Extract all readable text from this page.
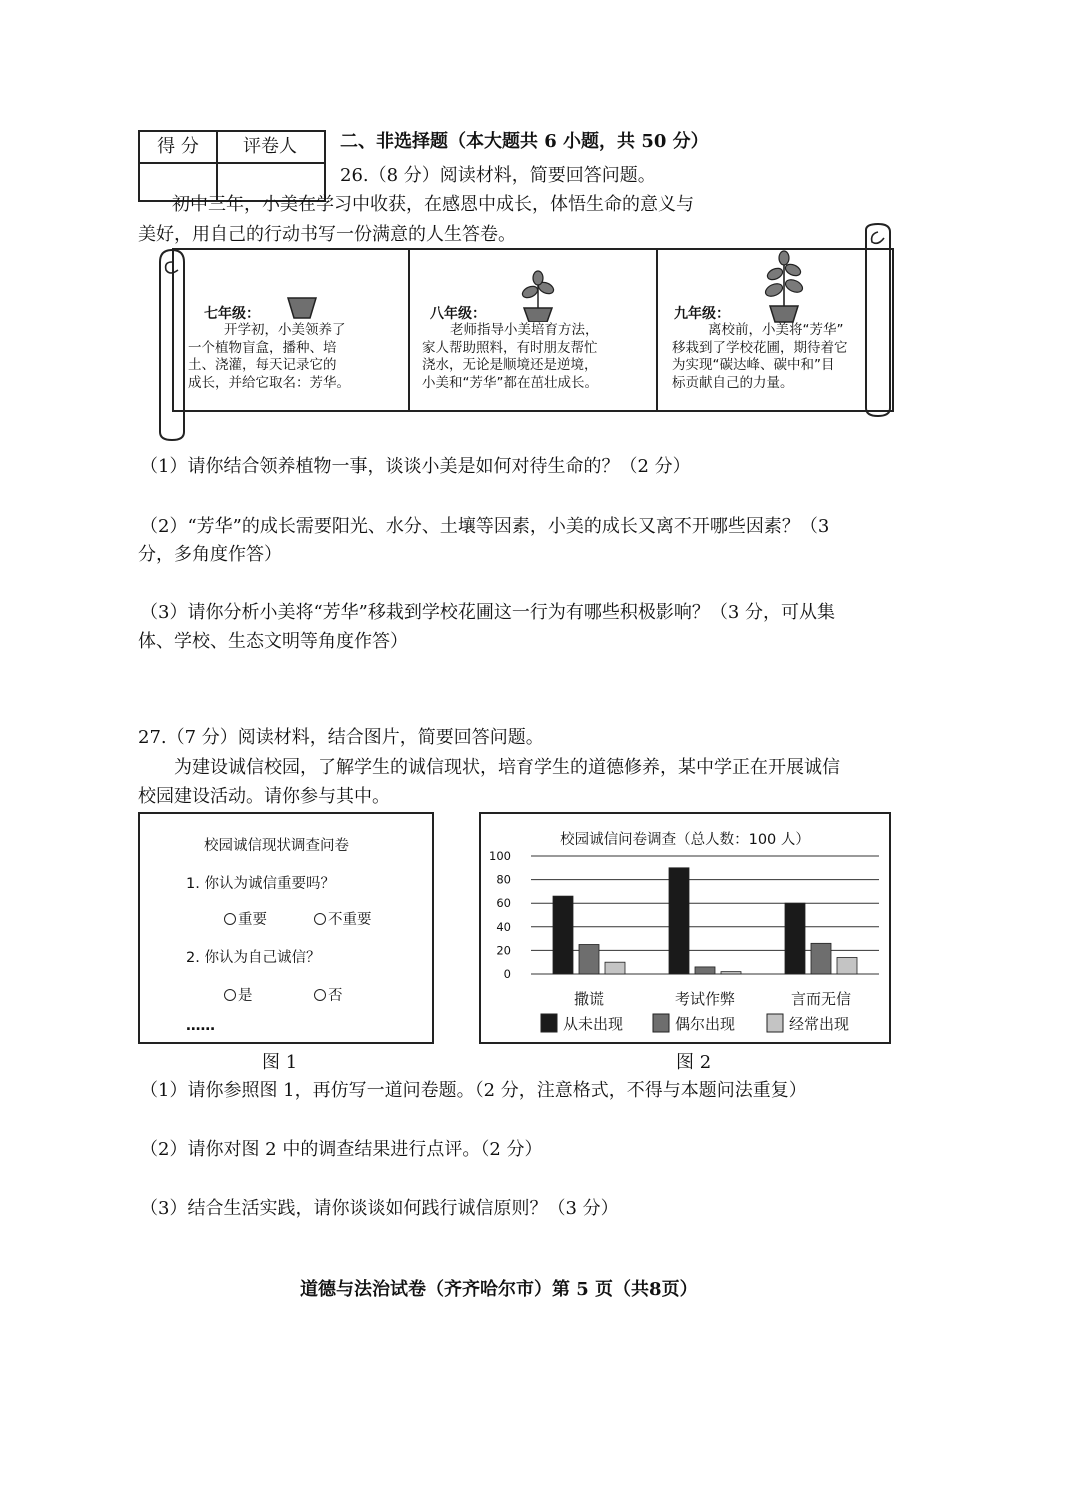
得 分	评卷人	二、非选择题（本大题共 6 小题，共 50 分）
26.（8 分）阅读材料，简要回答问题。
初中三年，小美在学习中收获，在感恩中成长，体悟生命的意义与
美好，用自己的行动书写一份满意的人生答卷。
七年级：
开学初，小美领养了
一个植物盲盒，播种、培
土、浇灌，每天记录它的
成长，并给它取名：芳华。
八年级：
老师指导小美培育方法，
家人帮助照料，有时朋友帮忙
浇水，无论是顺境还是逆境，
小美和“芳华”都在茁壮成长。
九年级：
离校前，小美将“芳华”
移栽到了学校花圃，期待着它
为实现“碳达峰、碳中和”目
标贡献自己的力量。
（1）请你结合领养植物一事，谈谈小美是如何对待生命的？（2 分）
（2）“芳华”的成长需要阳光、水分、土壤等因素，小美的成长又离不开哪些因素？（3
分，多角度作答）
（3）请你分析小美将“芳华”移栽到学校花圃这一行为有哪些积极影响？（3 分，可从集
体、学校、生态文明等角度作答）
27.（7 分）阅读材料，结合图片，简要回答问题。
为建设诚信校园，了解学生的诚信现状，培育学生的道德修养，某中学正在开展诚信
校园建设活动。请你参与其中。
校园诚信现状调查问卷
1. 你认为诚信重要吗？
重要	不重要
2. 你认为自己诚信？
是	否
……
图 1
校园诚信问卷调查（总人数：100 人）
0
20
40
60
80
100
撒谎	考试作弊	言而无信
从未出现	偶尔出现	经常出现
图 2
（1）请你参照图 1，再仿写一道问卷题。（2 分，注意格式，不得与本题问法重复）
（2）请你对图 2 中的调查结果进行点评。（2 分）
（3）结合生活实践，请你谈谈如何践行诚信原则？（3 分）
道德与法治试卷（齐齐哈尔市）第 5 页（共8页）
